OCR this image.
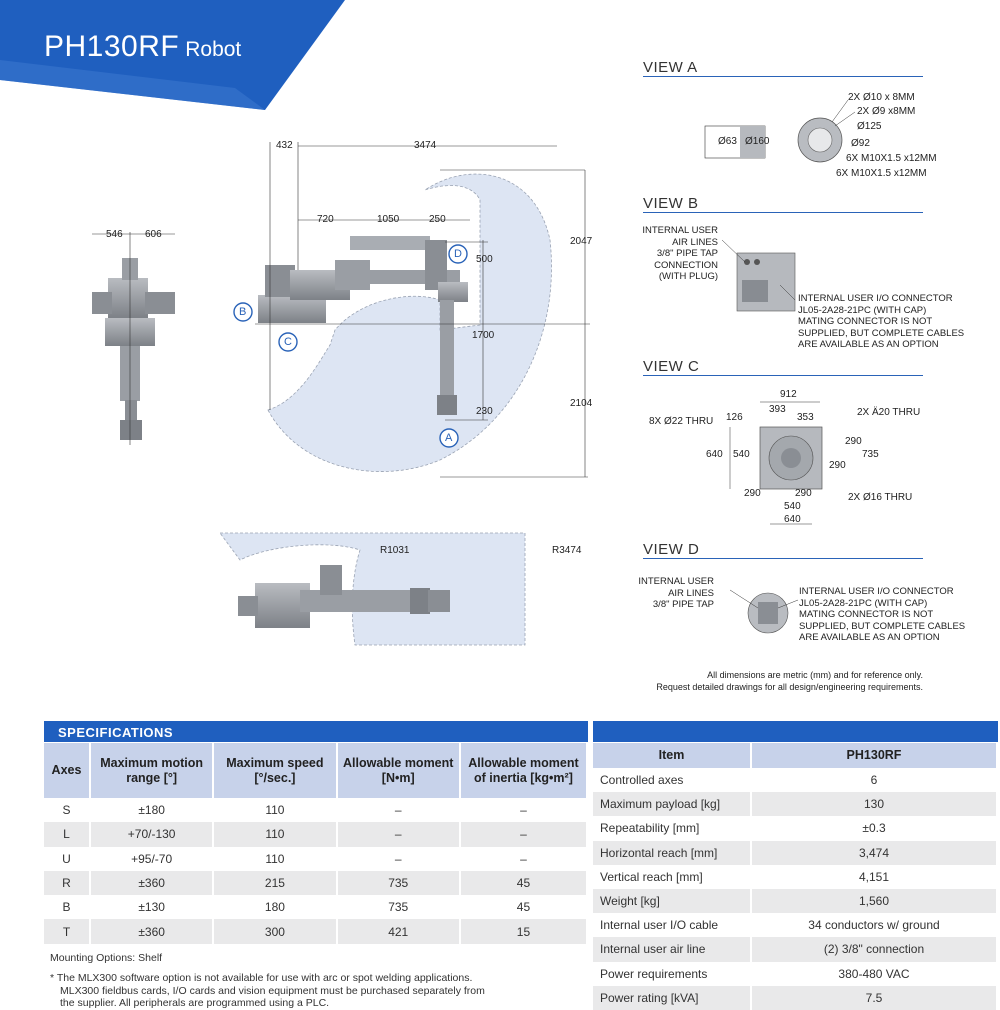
PH130RF Robot
546 606
432	3474
720	1050	250
2047
500
1700
230
2104
B
C
D
A
R1031	R3474
VIEW A
Ø63 Ø160
2X Ø10 x 8MM
2X Ø9 x8MM
Ø125
Ø92
6X M10X1.5 x12MM
6X M10X1.5 x12MM
VIEW B
INTERNAL USER
AIR LINES
3/8" PIPE TAP
CONNECTION
(WITH PLUG)
INTERNAL USER I/O CONNECTOR
JL05-2A28-21PC (WITH CAP)
MATING CONNECTOR IS NOT
SUPPLIED, BUT COMPLETE CABLES
ARE AVAILABLE AS AN OPTION
VIEW C
912
393
353
126
8X Ø22 THRU
2X Ä20 THRU
290
735
290
640 540
290	290	2X Ø16 THRU
540
640
VIEW D
INTERNAL USER
AIR LINES
3/8" PIPE TAP
INTERNAL USER I/O CONNECTOR
JL05-2A28-21PC (WITH CAP)
MATING CONNECTOR IS NOT
SUPPLIED, BUT COMPLETE CABLES
ARE AVAILABLE AS AN OPTION
All dimensions are metric (mm) and for reference only.
Request detailed drawings for all design/engineering requirements.
SPECIFICATIONS
Axes	Maximum motion range [°]	Maximum speed [°/sec.]	Allowable moment [N•m]	Allowable moment of inertia [kg•m²]
S	±180	110	–	–
L	+70/-130	110	–	–
U	+95/-70	110	–	–
R	±360	215	735	45
B	±130	180	735	45
T	±360	300	421	15
Mounting Options: Shelf
* The MLX300 software option is not available for use with arc or spot welding applications.
MLX300 fieldbus cards, I/O cards and vision equipment must be purchased separately from
the supplier. All peripherals are programmed using a PLC.
Item	PH130RF
Controlled axes	6
Maximum payload [kg]	130
Repeatability [mm]	±0.3
Horizontal reach [mm]	3,474
Vertical reach [mm]	4,151
Weight [kg]	1,560
Internal user I/O cable	34 conductors w/ ground
Internal user air line	(2) 3/8" connection
Power requirements	380-480 VAC
Power rating [kVA]	7.5
